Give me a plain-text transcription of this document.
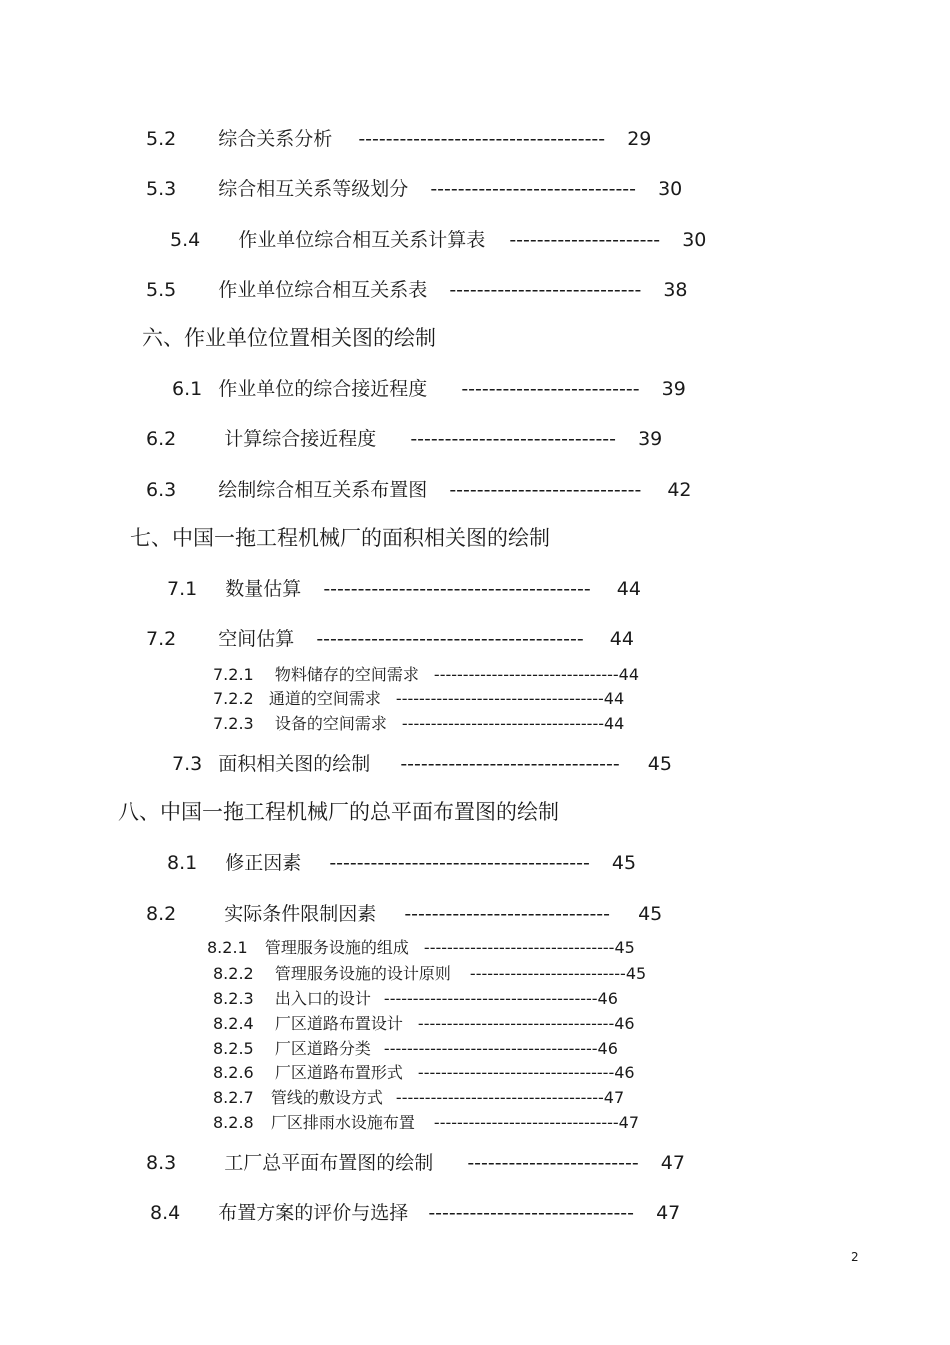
5.2 综合关系分析 ------------------------------------ 29
5.3 综合相互关系等级划分 ------------------------------ 30
5.4 作业单位综合相互关系计算表 ---------------------- 30
5.5 作业单位综合相互关系表 ---------------------------- 38
六、作业单位位置相关图的绘制
6.1 作业单位的综合接近程度 -------------------------- 39
6.2	计算综合接近程度 ------------------------------ 39
6.3 绘制综合相互关系布置图 ---------------------------- 42
七、中国一拖工程机械厂的面积相关图的绘制
7.1 数量估算 --------------------------------------- 44
7.2 空间估算 --------------------------------------- 44
7.2.1 物料储存的空间需求 --------------------------------44
7.2.2 通道的空间需求 ------------------------------------44
7.2.3 设备的空间需求 -----------------------------------44
7.3 面积相关图的绘制 -------------------------------- 45
八、中国一拖工程机械厂的总平面布置图的绘制
8.1 修正因素 -------------------------------------- 45
8.2	实际条件限制因素 ------------------------------ 45
8.2.1 管理服务设施的组成 ---------------------------------45
8.2.2 管理服务设施的设计原则 ---------------------------45
8.2.3 出入口的设计 -------------------------------------46
8.2.4 厂区道路布置设计 ----------------------------------46
8.2.5 厂区道路分类 -------------------------------------46
8.2.6 厂区道路布置形式 ----------------------------------46
8.2.7 管线的敷设方式 ------------------------------------47
8.2.8 厂区排雨水设施布置 --------------------------------47
8.3	工厂总平面布置图的绘制 ------------------------- 47
8.4 布置方案的评价与选择 ------------------------------ 47
2
